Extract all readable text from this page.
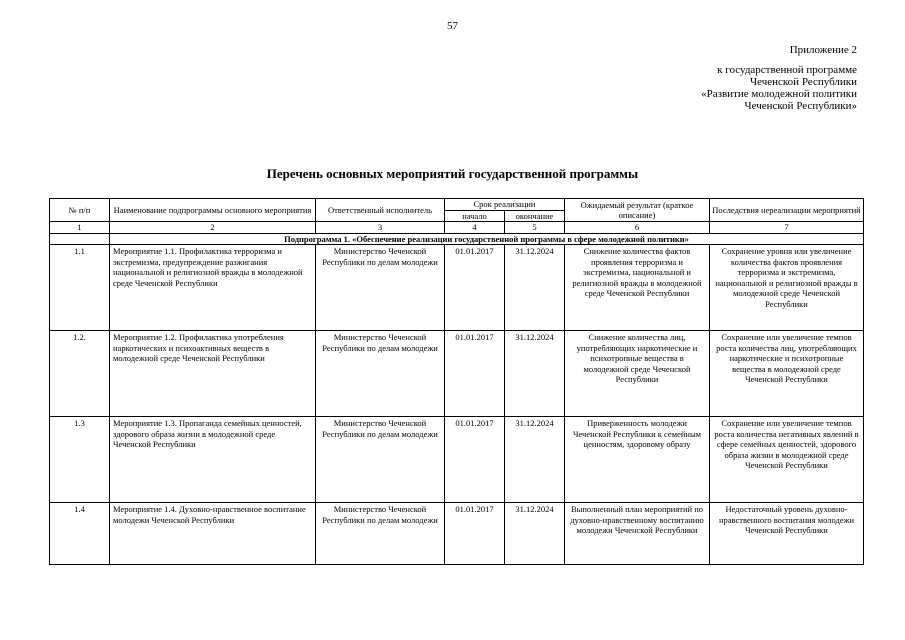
57
Приложение 2
к государственной программе
Чеченской Республики
«Развитие молодежной политики
Чеченской Республики»
Перечень основных мероприятий государственной программы
№ п/п	Наименование подпрограммы основного мероприятия	Ответственный исполнитель	Срок реализации		Ожидаемый результат (краткое описание)	Последствия нереализации мероприятий
			начало	окончание		
1	2	3	4	5	6	7
	Подпрограмма 1. «Обеспечение реализации государственной программы в сфере молодежной политики»					
1.1	Мероприятие 1.1. Профилактика терроризма и экстремизма, предупреждение разжигания национальной и религиозной вражды в молодежной среде Чеченской Республики	Министерство Чеченской Республики по делам молодежи	01.01.2017	31.12.2024	Снижение количества фактов проявления терроризма и экстремизма, национальной и религиозной вражды в молодежной среде Чеченской Республики	Сохранение уровня или увеличение количества фактов проявления терроризма и экстремизма, национальной и религиозной вражды в молодежной среде Чеченской Республики
1.2.	Мероприятие 1.2. Профилактика употребления наркотических и психоактивных веществ в молодежной среде Чеченской Республики	Министерство Чеченской Республики по делам молодежи	01.01.2017	31.12.2024	Снижение количества лиц, употребляющих наркотические и психотропные вещества в молодежной среде Чеченской Республики	Сохранение или увеличение темпов роста количества лиц, употребляющих наркотические и психотропные вещества в молодежной среде Чеченской Республики
1.3	Мероприятие 1.3. Пропаганда семейных ценностей, здорового образа жизни в молодежной среде Чеченской Республики	Министерство Чеченской Республики по делам молодежи	01.01.2017	31.12.2024	Приверженность молодежи Чеченской Республики к семейным ценностям, здоровому образу	Сохранение или увеличение темпов роста количества негативных явлений в сфере семейных ценностей, здорового образа жизни в молодежной среде Чеченской Республики
1.4	Мероприятие 1.4. Духовно-нравственное воспитание молодежи Чеченской Республики	Министерство Чеченской Республики по делам молодежи	01.01.2017	31.12.2024	Выполненный план мероприятий по духовно-нравственному воспитанию молодежи Чеченской Республики	Недостаточный уровень духовно-нравственного воспитания молодежи Чеченской Республики
